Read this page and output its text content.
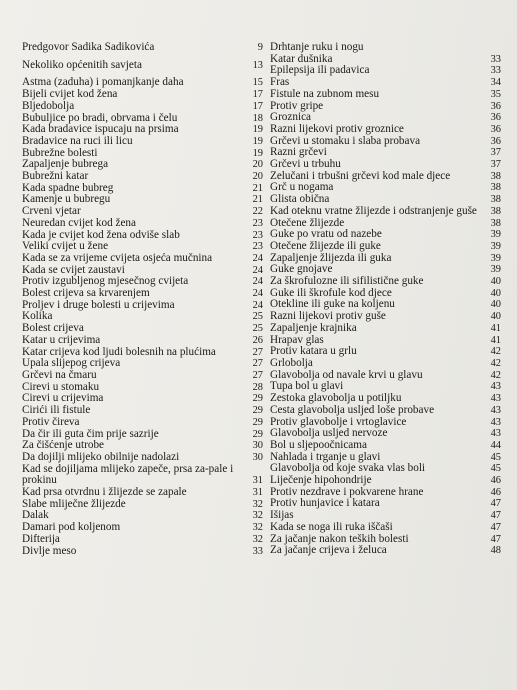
Predgovor Sadika Sadikovića	9
Nekoliko općenitih savjeta	13
Astma (zaduha) i pomanjkanje daha	15
Bijeli cvijet kod žena	17
Bljedobolja	17
Bubuljice po bradi, obrvama i čelu	18
Kada bradavice ispucaju na prsima	19
Bradavice na ruci ili licu	19
Bubrežne bolesti	19
Zapaljenje bubrega	20
Bubrežni katar	20
Kada spadne bubreg	21
Kamenje u bubregu	21
Crveni vjetar	22
Neuredan cvijet kod žena	23
Kada je cvijet kod žena odviše slab	23
Veliki cvijet u žene	23
Kada se za vrijeme cvijeta osjeća mučnina	24
Kada se cvijet zaustavi	24
Protiv izgubljenog mjesečnog cvijeta	24
Bolest crijeva sa krvarenjem	24
Proljev i druge bolesti u crijevima	24
Kolika	25
Bolest crijeva	25
Katar u crijevima	26
Katar crijeva kod ljudi bolesnih na plućima	27
Upala slijepog crijeva	27
Grčevi na čmaru	27
Čirevi u stomaku	28
Čirevi u crijevima	29
Čirići ili fistule	29
Protiv čireva	29
Da čir ili guta čim prije sazrije	29
Za čišćenje utrobe	30
Da dojilji mlijeko obilnije nadolazi	30
Kad se dojiljama mlijeko zapeče, prsa za-pale i prokinu	31
Kad prsa otvrdnu i žlijezde se zapale	31
Slabe mliječne žlijezde	32
Dalak	32
Damari pod koljenom	32
Difterija	32
Divlje meso	33
Drhtanje ruku i nogu
Katar dušnika	33
Epilepsija ili padavica	33
Fras	34
Fistule na zubnom mesu	35
Protiv gripe	36
Groznica	36
Razni lijekovi protiv groznice	36
Grčevi u stomaku i slaba probava	36
Razni grčevi	37
Grčevi u trbuhu	37
Želučani i trbušni grčevi kod male djece	38
Grč u nogama	38
Glista obična	38
Kad oteknu vratne žlijezde i odstranjenje guše	38
Otečene žlijezde	38
Guke po vratu od nazebe	39
Otečene žlijezde ili guke	39
Zapaljenje žlijezda ili guka	39
Guke gnojave	39
Za škrofulozne ili sifilistične guke	40
Guke ili škrofule kod djece	40
Otekline ili guke na koljenu	40
Razni lijekovi protiv guše	40
Zapaljenje krajnika	41
Hrapav glas	41
Protiv katara u grlu	42
Grlobolja	42
Glavobolja od navale krvi u glavu	42
Tupa bol u glavi	43
Žestoka glavobolja u potiljku	43
Česta glavobolja usljed loše probave	43
Protiv glavobolje i vrtoglavice	43
Glavobolja usljed nervoze	43
Bol u sljepoočnicama	44
Nahlada i trganje u glavi	45
Glavobolja od koje svaka vlas boli	45
Liječenje hipohondrije	46
Protiv nezdrave i pokvarene hrane	46
Protiv hunjavice i katara	47
Išijas	47
Kada se noga ili ruka iščaši	47
Za jačanje nakon teških bolesti	47
Za jačanje crijeva i želuca	48
